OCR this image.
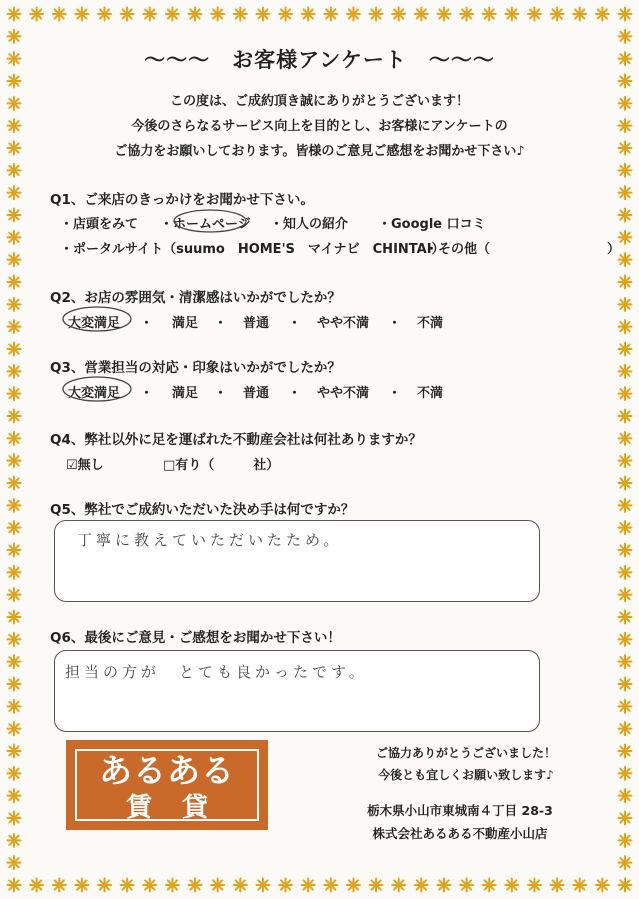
～～～　お客様アンケート　～～～
この度は、ご成約頂き誠にありがとうございます！
今後のさらなるサービス向上を目的とし、お客様にアンケートの
ご協力をお願いしております。皆様のご意見ご感想をお聞かせ下さい♪
Q1、ご来店のきっかけをお聞かせ下さい。
・店頭をみて ・ホームページ ・知人の紹介 ・Google 口コミ
・ポータルサイト（suumo　HOME'S　マイナビ　CHINTAI）
・その他（　　　　　　　　　）
Q2、お店の雰囲気・清潔感はいかがでしたか？
大変満足 ・ 満足 ・ 普通 ・ やや不満 ・ 不満
Q3、営業担当の対応・印象はいかがでしたか？
大変満足 ・ 満足 ・ 普通 ・ やや不満 ・ 不満
Q4、弊社以外に足を運ばれた不動産会社は何社ありますか？
☑無し	□有り（　　　社）
Q5、弊社でご成約いただいた決め手は何ですか？
丁寧に教えていただいたため。
Q6、最後にご意見・ご感想をお聞かせ下さい！
担当の方が　とても良かったです。
あるある
賃貸
ご協力ありがとうございました！
今後とも宜しくお願い致します♪
栃木県小山市東城南４丁目 28-3
株式会社あるある不動産小山店
